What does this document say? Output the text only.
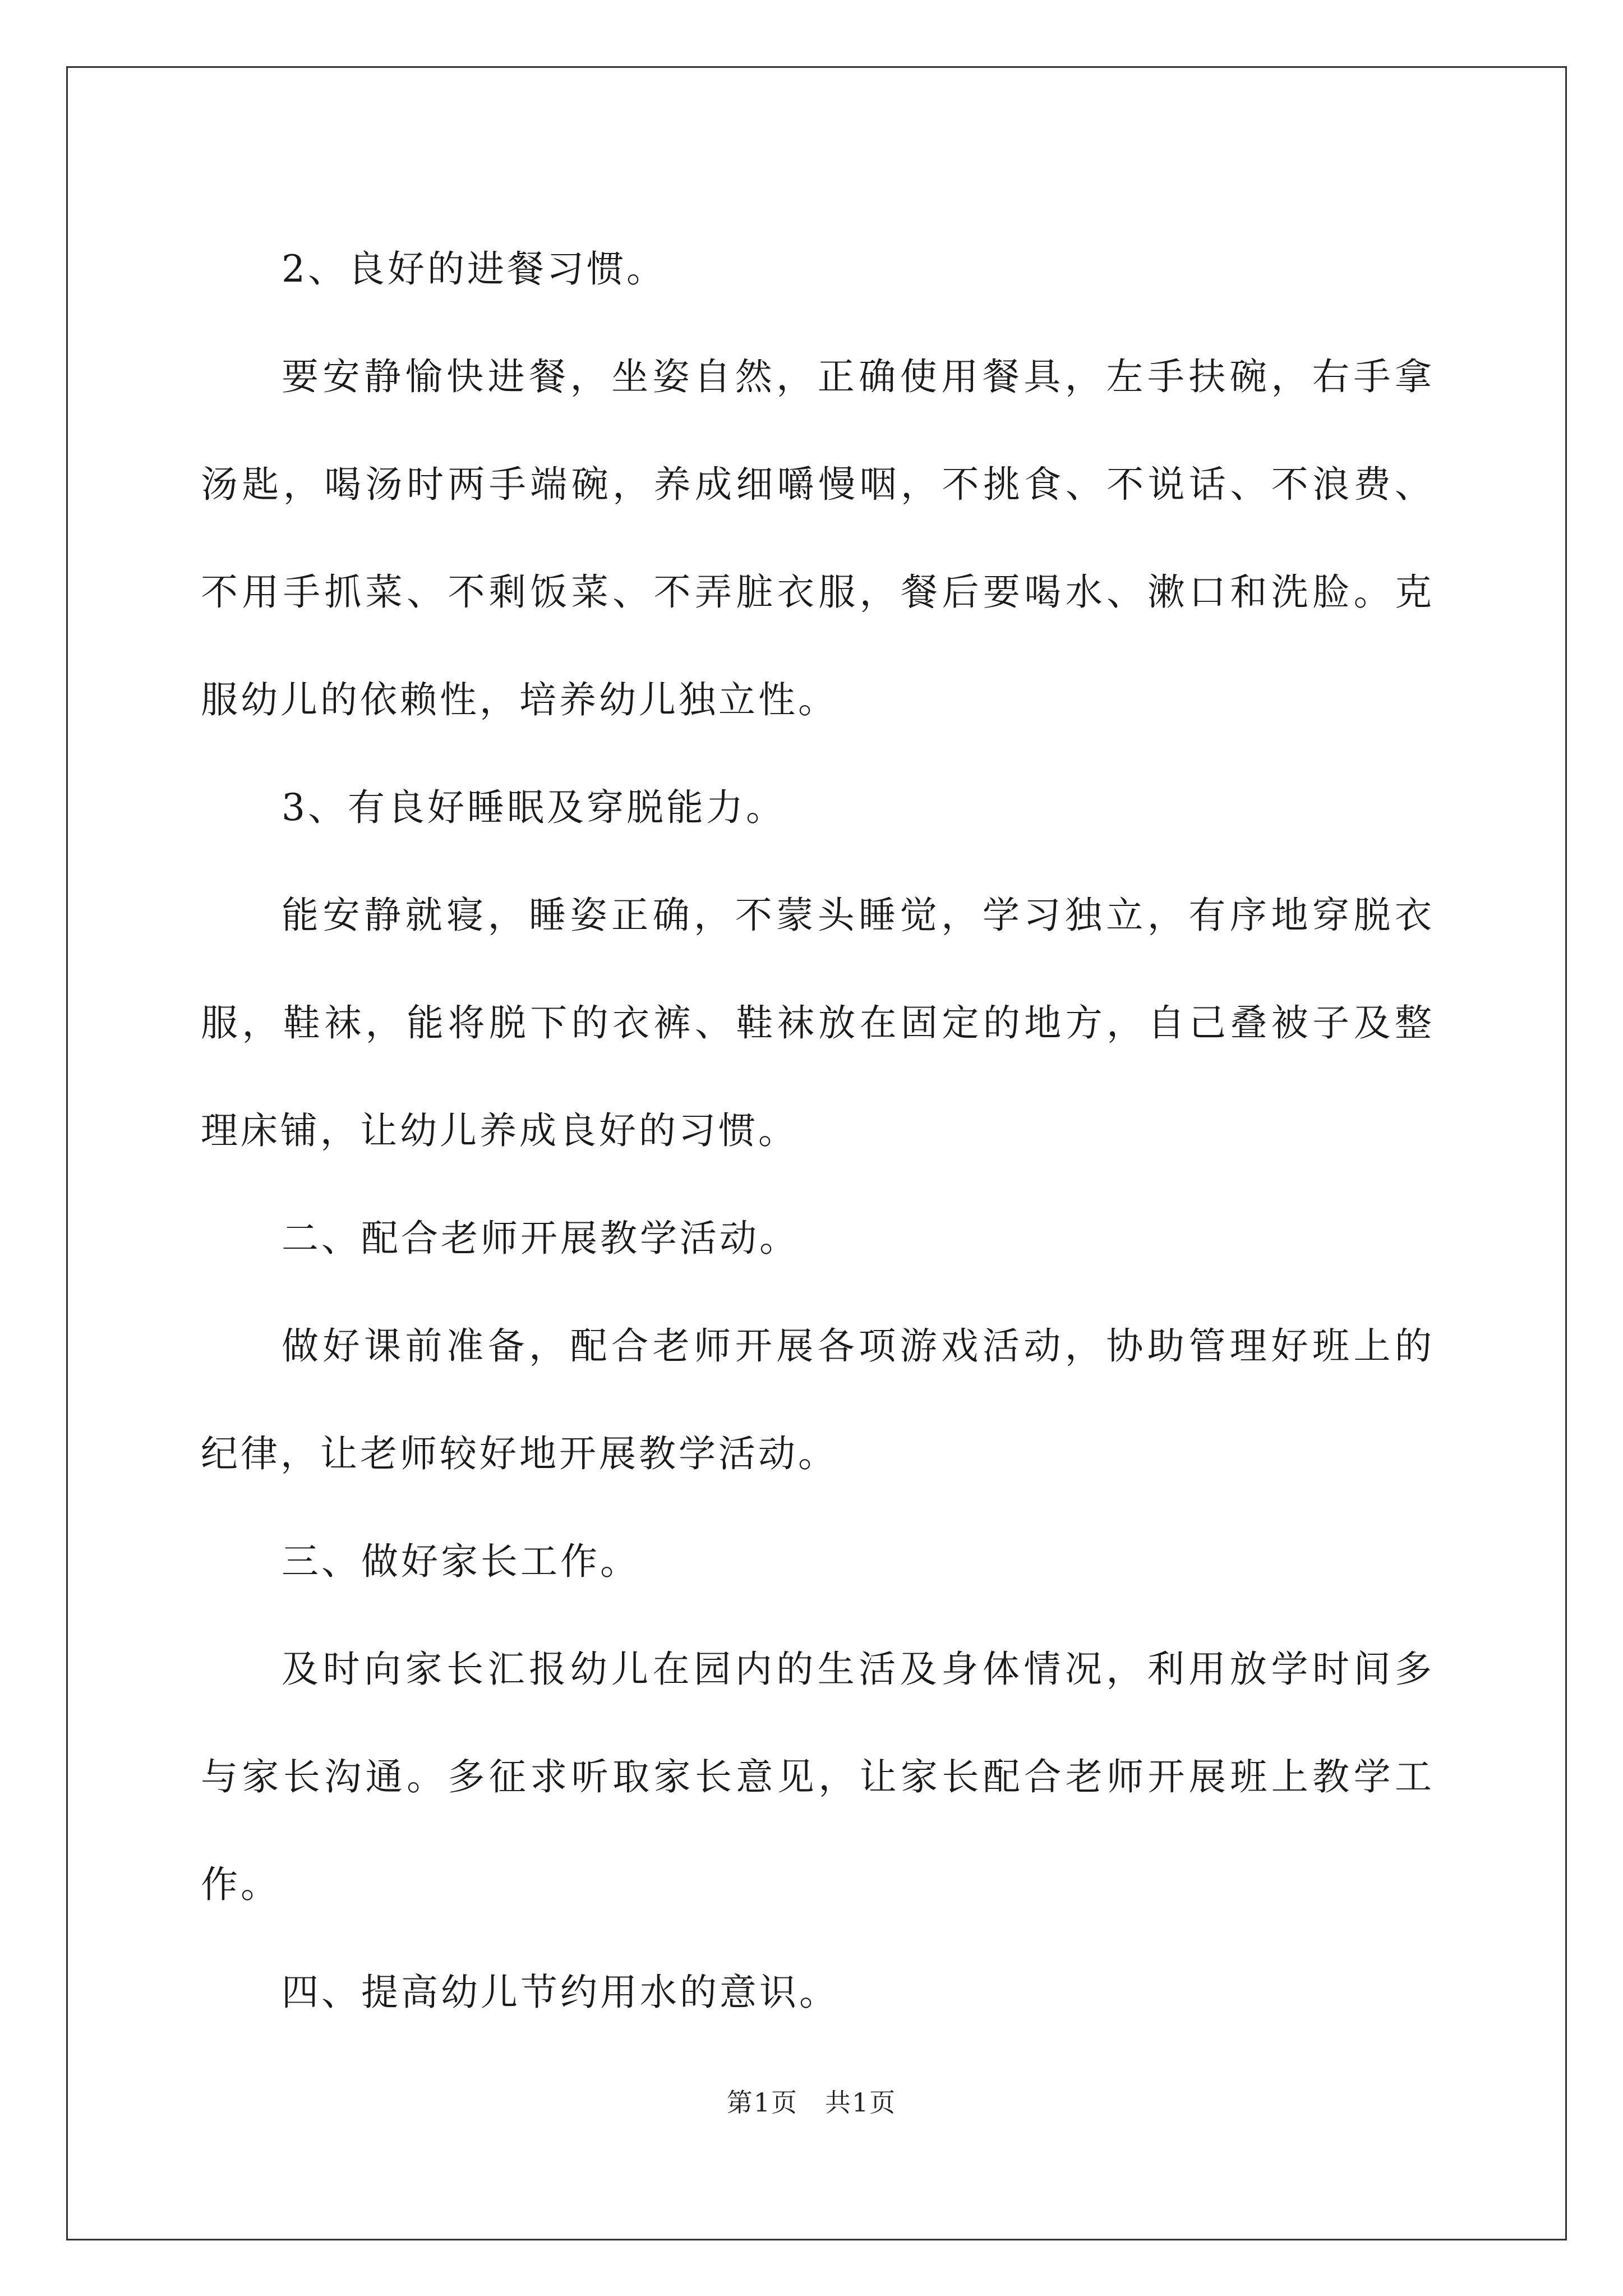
2、良好的进餐习惯。

要安静愉快进餐，坐姿自然，正确使用餐具，左手扶碗，右手拿汤匙，喝汤时两手端碗，养成细嚼慢咽，不挑食、不说话、不浪费、不用手抓菜、不剩饭菜、不弄脏衣服，餐后要喝水、漱口和洗脸。克服幼儿的依赖性，培养幼儿独立性。

3、有良好睡眠及穿脱能力。

能安静就寝，睡姿正确，不蒙头睡觉，学习独立，有序地穿脱衣服，鞋袜，能将脱下的衣裤、鞋袜放在固定的地方，自己叠被子及整理床铺，让幼儿养成良好的习惯。

二、配合老师开展教学活动。

做好课前准备，配合老师开展各项游戏活动，协助管理好班上的纪律，让老师较好地开展教学活动。

三、做好家长工作。

及时向家长汇报幼儿在园内的生活及身体情况，利用放学时间多与家长沟通。多征求听取家长意见，让家长配合老师开展班上教学工作。

四、提高幼儿节约用水的意识。

第1页　共1页
